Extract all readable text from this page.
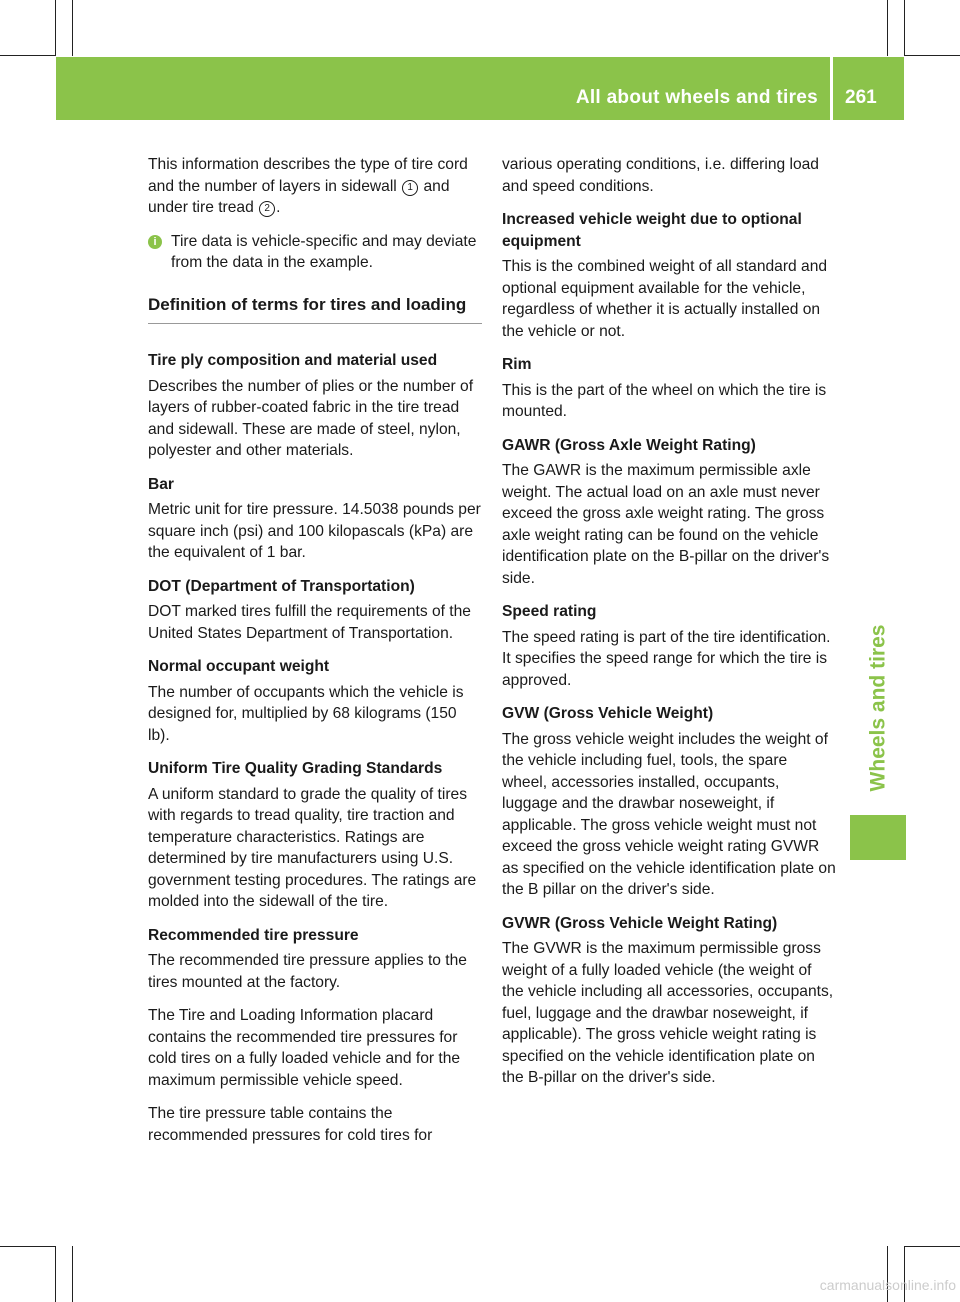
All about wheels and tires 261
Wheels and tires

This information describes the type of tire cord and the number of layers in sidewall 1 and under tire tread 2 .

i Tire data is vehicle-specific and may deviate from the data in the example.
Definition of terms for tires and loading
Tire ply composition and material used

Describes the number of plies or the number of layers of rubber-coated fabric in the tire tread and sidewall. These are made of steel, nylon, polyester and other materials.

Bar

Metric unit for tire pressure. 14.5038 pounds per square inch (psi) and 100 kilopascals (kPa) are the equivalent of 1 bar.

DOT (Department of Transportation)

DOT marked tires fulfill the requirements of the United States Department of Transportation.

Normal occupant weight

The number of occupants which the vehicle is designed for, multiplied by 68 kilograms (150 lb).

Uniform Tire Quality Grading Standards

A uniform standard to grade the quality of tires with regards to tread quality, tire traction and temperature characteristics. Ratings are determined by tire manufacturers using U.S. government testing procedures. The ratings are molded into the sidewall of the tire.

Recommended tire pressure

The recommended tire pressure applies to the tires mounted at the factory.

The Tire and Loading Information placard contains the recommended tire pressures for cold tires on a fully loaded vehicle and for the maximum permissible vehicle speed.

The tire pressure table contains the recommended pressures for cold tires for

various operating conditions, i.e. differing load and speed conditions.

Increased vehicle weight due to optional equipment

This is the combined weight of all standard and optional equipment available for the vehicle, regardless of whether it is actually installed on the vehicle or not.

Rim

This is the part of the wheel on which the tire is mounted.

GAWR (Gross Axle Weight Rating)

The GAWR is the maximum permissible axle weight. The actual load on an axle must never exceed the gross axle weight rating. The gross axle weight rating can be found on the vehicle identification plate on the B-pillar on the driver's side.

Speed rating

The speed rating is part of the tire identification. It specifies the speed range for which the tire is approved.

GVW (Gross Vehicle Weight)

The gross vehicle weight includes the weight of the vehicle including fuel, tools, the spare wheel, accessories installed, occupants, luggage and the drawbar noseweight, if applicable. The gross vehicle weight must not exceed the gross vehicle weight rating GVWR as specified on the vehicle identification plate on the B pillar on the driver's side.

GVWR (Gross Vehicle Weight Rating)

The GVWR is the maximum permissible gross weight of a fully loaded vehicle (the weight of the vehicle including all accessories, occupants, fuel, luggage and the drawbar noseweight, if applicable). The gross vehicle weight rating is specified on the vehicle identification plate on the B-pillar on the driver's side.

carmanualsonline.info
